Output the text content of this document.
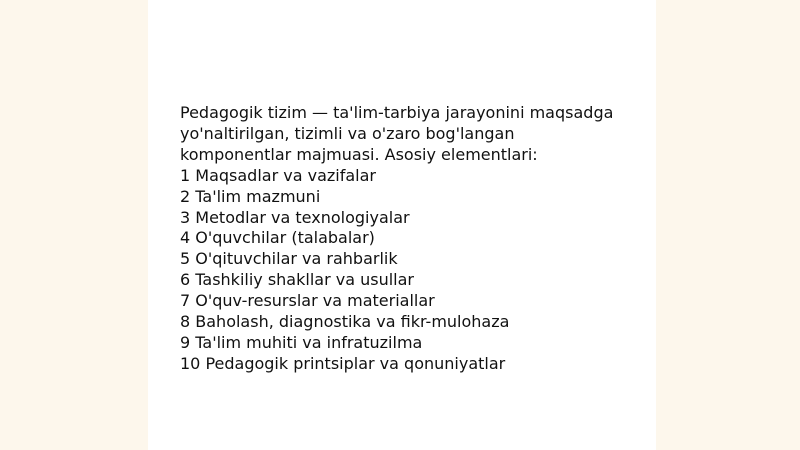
Pedagogik tizim — ta'lim-tarbiya jarayonini maqsadga
yo'naltirilgan, tizimli va o'zaro bog'langan
komponentlar majmuasi. Asosiy elementlari:

1 Maqsadlar va vazifalar
2 Ta'lim mazmuni
3 Metodlar va texnologiyalar
4 O'quvchilar (talabalar)
5 O'qituvchilar va rahbarlik
6 Tashkiliy shakllar va usullar
7 O'quv-resurslar va materiallar
8 Baholash, diagnostika va fikr-mulohaza
9 Ta'lim muhiti va infratuzilma
10 Pedagogik printsiplar va qonuniyatlar
